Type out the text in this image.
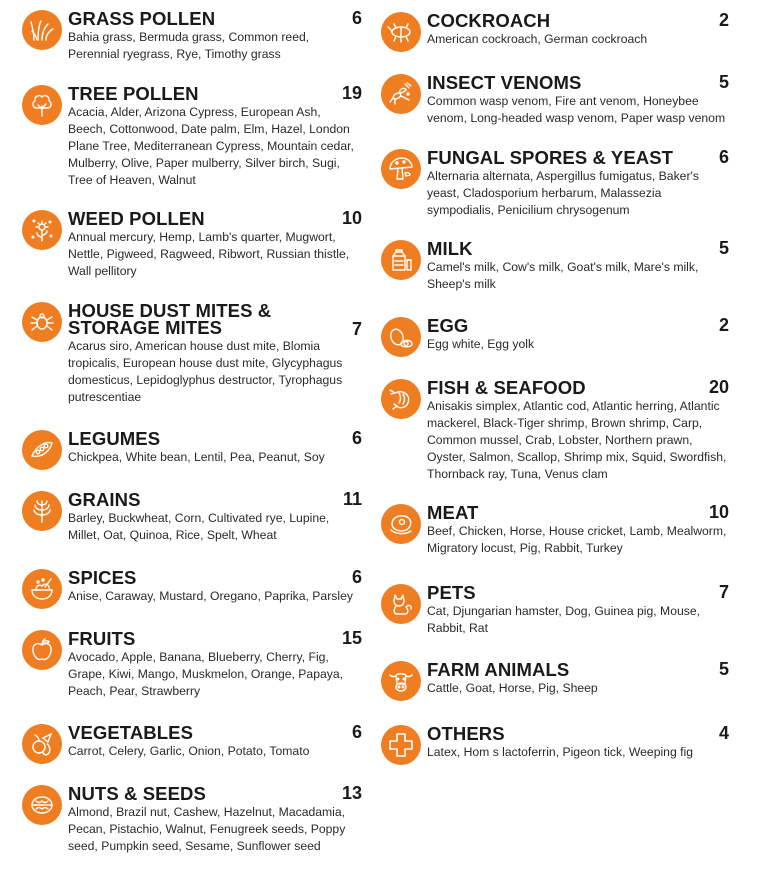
GRASS POLLEN	6
Bahia grass, Bermuda grass, Common reed, Perennial ryegrass, Rye, Timothy grass
TREE POLLEN	19
Acacia, Alder, Arizona Cypress, European Ash, Beech, Cottonwood, Date palm, Elm, Hazel, London Plane Tree, Mediterranean Cypress, Mountain cedar, Mulberry, Olive, Paper mulberry, Silver birch, Sugi, Tree of Heaven, Walnut
WEED POLLEN	10
Annual mercury, Hemp, Lamb's quarter, Mugwort, Nettle, Pigweed, Ragweed, Ribwort, Russian thistle, Wall pellitory
HOUSE DUST MITES &
STORAGE MITES	7
Acarus siro, American house dust mite, Blomia tropicalis, European house dust mite, Glycyphagus domesticus, Lepidoglyphus destructor, Tyrophagus putrescentiae
LEGUMES	6
Chickpea, White bean, Lentil, Pea, Peanut, Soy
GRAINS	11
Barley, Buckwheat, Corn, Cultivated rye, Lupine, Millet, Oat, Quinoa, Rice, Spelt, Wheat
SPICES	6
Anise, Caraway, Mustard, Oregano, Paprika, Parsley
FRUITS	15
Avocado, Apple, Banana, Blueberry, Cherry, Fig, Grape, Kiwi, Mango, Muskmelon, Orange, Papaya, Peach, Pear, Strawberry
VEGETABLES	6
Carrot, Celery, Garlic, Onion, Potato, Tomato
NUTS & SEEDS	13
Almond, Brazil nut, Cashew, Hazelnut, Macadamia, Pecan, Pistachio, Walnut, Fenugreek seeds, Poppy seed, Pumpkin seed, Sesame, Sunflower seed
COCKROACH	2
American cockroach, German cockroach
INSECT VENOMS	5
Common wasp venom, Fire ant venom, Honeybee venom, Long-headed wasp venom, Paper wasp venom
FUNGAL SPORES & YEAST	6
Alternaria alternata, Aspergillus fumigatus, Baker's yeast, Cladosporium herbarum, Malassezia sympodialis, Penicilium chrysogenum
MILK	5
Camel's milk, Cow's milk, Goat's milk, Mare's milk, Sheep's milk
EGG	2
Egg white, Egg yolk
FISH & SEAFOOD	20
Anisakis simplex, Atlantic cod, Atlantic herring, Atlantic mackerel, Black-Tiger shrimp, Brown shrimp, Carp, Common mussel, Crab, Lobster, Northern prawn, Oyster, Salmon, Scallop, Shrimp mix, Squid, Swordfish, Thornback ray, Tuna, Venus clam
MEAT	10
Beef, Chicken, Horse, House cricket, Lamb, Mealworm, Migratory locust, Pig, Rabbit, Turkey
PETS	7
Cat, Djungarian hamster, Dog, Guinea pig, Mouse, Rabbit, Rat
FARM ANIMALS	5
Cattle, Goat, Horse, Pig, Sheep
OTHERS	4
Latex, Hom s lactoferrin, Pigeon tick, Weeping fig
